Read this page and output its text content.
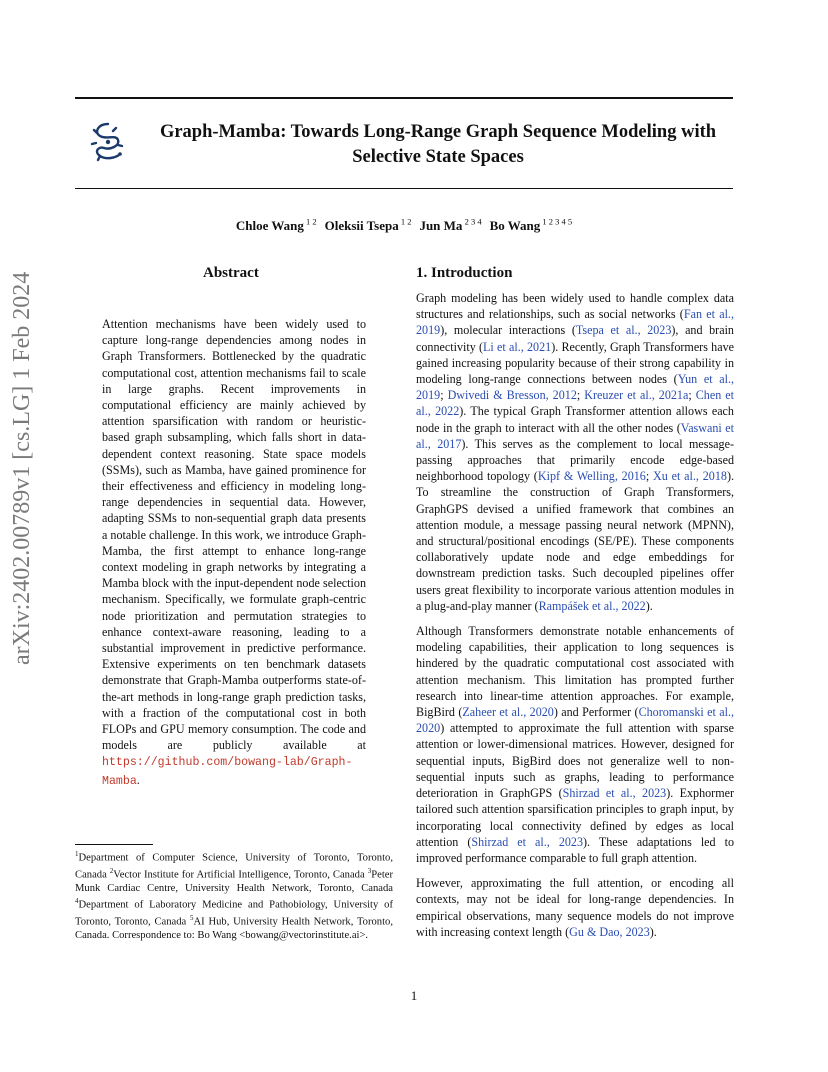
Graph-Mamba: Towards Long-Range Graph Sequence Modeling with
Selective State Spaces

Chloe Wang $^{1 2}$ Oleksii Tsepa $^{1 2}$ Jun Ma $^{2 3 4}$ Bo Wang $^{1 2 3 4 5}$

arXiv:2402.00789v1 [cs.LG] 1 Feb 2024	Abstract

Attention mechanisms have been widely used to capture long-range dependencies among nodes in Graph Transformers. Bottlenecked by the quadratic computational cost, attention mechanisms fail to scale in large graphs. Recent improvements in computational efficiency are mainly achieved by attention sparsification with random or heuristic-based graph subsampling, which falls short in data-dependent context reasoning. State space models (SSMs), such as Mamba, have gained prominence for their effectiveness and efficiency in modeling long-range dependencies in sequential data. However, adapting SSMs to non-sequential graph data presents a notable challenge. In this work, we introduce Graph-Mamba, the first attempt to enhance long-range context modeling in graph networks by integrating a Mamba block with the input-dependent node selection mechanism. Specifically, we formulate graph-centric node prioritization and permutation strategies to enhance context-aware reasoning, leading to a substantial improvement in predictive performance. Extensive experiments on ten benchmark datasets demonstrate that Graph-Mamba outperforms state-of-the-art methods in long-range graph prediction tasks, with a fraction of the computational cost in both FLOPs and GPU memory consumption. The code and models are publicly available at https://github.com/bowang-lab/Graph-Mamba.

$^1$Department of Computer Science, University of Toronto, Toronto, Canada $^2$Vector Institute for Artificial Intelligence, Toronto, Canada $^3$Peter Munk Cardiac Centre, University Health Network, Toronto, Canada $^4$Department of Laboratory Medicine and Pathobiology, University of Toronto, Toronto, Canada $^5$AI Hub, University Health Network, Toronto, Canada. Correspondence to: Bo Wang <bowang@vectorinstitute.ai>.

1. Introduction

Graph modeling has been widely used to handle complex data structures and relationships, such as social networks (Fan et al., 2019), molecular interactions (Tsepa et al., 2023), and brain connectivity (Li et al., 2021). Recently, Graph Transformers have gained increasing popularity because of their strong capability in modeling long-range connections between nodes (Yun et al., 2019; Dwivedi & Bresson, 2012; Kreuzer et al., 2021a; Chen et al., 2022). The typical Graph Transformer attention allows each node in the graph to interact with all the other nodes (Vaswani et al., 2017). This serves as the complement to local message-passing approaches that primarily encode edge-based neighborhood topology (Kipf & Welling, 2016; Xu et al., 2018). To streamline the construction of Graph Transformers, GraphGPS devised a unified framework that combines an attention module, a message passing neural network (MPNN), and structural/positional encodings (SE/PE). These components collaboratively update node and edge embeddings for downstream prediction tasks. Such decoupled pipelines offer users great flexibility to incorporate various attention modules in a plug-and-play manner (Rampášek et al., 2022).

Although Transformers demonstrate notable enhancements of modeling capabilities, their application to long sequences is hindered by the quadratic computational cost associated with attention mechanism. This limitation has prompted further research into linear-time attention approaches. For example, BigBird (Zaheer et al., 2020) and Performer (Choromanski et al., 2020) attempted to approximate the full attention with sparse attention or lower-dimensional matrices. However, designed for sequential inputs, BigBird does not generalize well to non-sequential inputs such as graphs, leading to performance deterioration in GraphGPS (Shirzad et al., 2023). Exphormer tailored such attention sparsification principles to graph input, by incorporating local connectivity defined by edges as local attention (Shirzad et al., 2023). These adaptations led to improved performance comparable to full graph attention.

However, approximating the full attention, or encoding all contexts, may not be ideal for long-range dependencies. In empirical observations, many sequence models do not improve with increasing context length (Gu & Dao, 2023).

1
